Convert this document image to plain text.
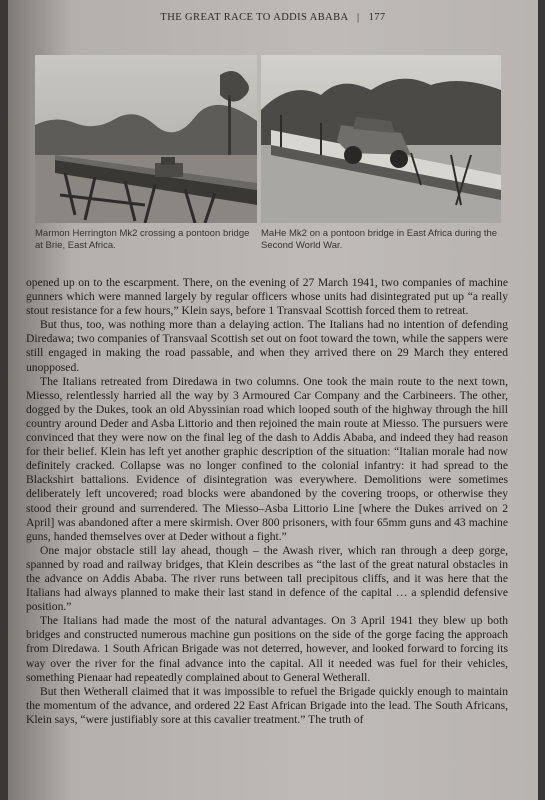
THE GREAT RACE TO ADDIS ABABA | 177
Marmon Herrington Mk2 crossing a pontoon bridge at Brie, East Africa.
MaHe Mk2 on a pontoon bridge in East Africa during the Second World War.

opened up on to the escarpment. There, on the evening of 27 March 1941, two companies of machine gunners which were manned largely by regular officers whose units had disintegrated put up “a really stout resistance for a few hours,” Klein says, before 1 Transvaal Scottish forced them to retreat.

But thus, too, was nothing more than a delaying action. The Italians had no intention of defending Diredawa; two companies of Transvaal Scottish set out on foot toward the town, while the sappers were still engaged in making the road passable, and when they arrived there on 29 March they entered unopposed.

The Italians retreated from Diredawa in two columns. One took the main route to the next town, Miesso, relentlessly harried all the way by 3 Armoured Car Company and the Carbineers. The other, dogged by the Dukes, took an old Abyssinian road which looped south of the highway through the hill country around Deder and Asba Littorio and then rejoined the main route at Miesso. The pursuers were convinced that they were now on the final leg of the dash to Addis Ababa, and indeed they had reason for their belief. Klein has left yet another graphic description of the situation: “Italian morale had now definitely cracked. Collapse was no longer confined to the colonial infantry: it had spread to the Blackshirt battalions. Evidence of disintegration was everywhere. Demolitions were sometimes deliberately left uncovered; road blocks were abandoned by the covering troops, or otherwise they stood their ground and surrendered. The Miesso–Asba Littorio Line [where the Dukes arrived on 2 April] was abandoned after a mere skirmish. Over 800 prisoners, with four 65mm guns and 43 machine guns, handed themselves over at Deder without a fight.”

One major obstacle still lay ahead, though – the Awash river, which ran through a deep gorge, spanned by road and railway bridges, that Klein describes as “the last of the great natural obstacles in the advance on Addis Ababa. The river runs between tall precipitous cliffs, and it was here that the Italians had always planned to make their last stand in defence of the capital … a splendid defensive position.”

The Italians had made the most of the natural advantages. On 3 April 1941 they blew up both bridges and constructed numerous machine gun positions on the side of the gorge facing the approach from Diredawa. 1 South African Brigade was not deterred, however, and looked forward to forcing its way over the river for the final advance into the capital. All it needed was fuel for their vehicles, something Pienaar had repeatedly complained about to General Wetherall.

But then Wetherall claimed that it was impossible to refuel the Brigade quickly enough to maintain the momentum of the advance, and ordered 22 East African Brigade into the lead. The South Africans, Klein says, “were justifiably sore at this cavalier treatment.” The truth of
